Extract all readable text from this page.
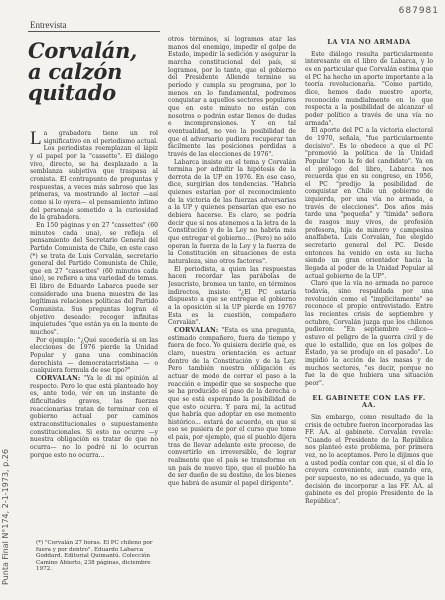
687981
Punta Final N°174, 2-1-1973, p.26
Entrevista
Corvalán,
a calzón
quitado

La grabadora tiene un rol significativo en el periodismo actual. Los periodistas reemplazan el lápiz y el papel por la "cassette". El diálogo vivo, directo, se ha desplazado a la semblanza subjetiva que traspasa al cronista. El contrapunto de preguntas y respuestas, a veces más sabroso que las primeras, va mostrando al lector —así como si lo oyera— el pensamiento íntimo del personaje sometido a la curiosidad de la grabadora.

En 150 páginas y en 27 "cassettes" (60 minutos cada una), se refleja el pensamiento del Secretario General del Partido Comunista de Chile, en este caso (*) se trata de Luis Corvalán, secretario general del Partido Comunista de Chile, que en 27 "cassettes" (60 minutos cada uno), se refiere a una variedad de temas. El libro de Eduardo Labarca puede ser considerado una buena muestra de las legítimas relaciones políticas del Partido Comunista. Sus preguntas logran el objetivo deseado: recoger infinitas inquietudes "que están ya en la mente de muchos".

Por ejemplo: "¿Qué sucedería si en las elecciones de 1976 pierde la Unidad Popular y gana una combinación derechista — democratacristiana — o cualquiera formula de ese tipo?"

CORVALAN: "Ya le di mi opinión al respecto. Pero lo que está planteado hoy es, ante todo, ver en un instante de dificultades graves, las fuerzas reaccionarias tratan de terminar con el gobierno actual por caminos extraconstitucionales o supuestamente constitucionales. Si esto no ocurre —y nuestra obligación es tratar de que no ocurra— no lo podré ni lo ocurran porque esto no ocurra...

(*) "Corvalán 27 horas. El PC chileno por fuera y por dentro". Eduardo Labarca Goddard. Editorial Quimantú. Colección Camino Abierto, 238 páginas, diciembre 1972.

otros términos, si logramos atar las manos del enemigo, impedir el golpe de Estado, impedir la sedición y asegurar la marcha constitucional del país, si logramos, por lo tanto, que el gobierno del Presidente Allende termine su período y cumpla su programa, por lo menos en lo fundamental, podremos conquistar a aquellos sectores populares que en este minuto no están con nosotros o podrán estar llenos de dudas e incomprensiones. Y en tal eventualidad, no veo la posibilidad de que el adversario pudiera recuperar tan fácilmente las posiciones perdidas a través de las elecciones de 1976".

Labarca insiste en el tema y Corvalán termina por admitir la hipótesis de la derrota de la UP en 1976. En ese caso, dice, surgirían dos tendencias. "Habría quienes estarían por el reconocimiento de la victoria de las fuerzas adversarias a la UP y quienes pensarían que eso no debiera hacerse. Es claro, se podría decir que si nos atenemos a la letra de la Constitución y de la Ley no habría más que entregar el gobierno... (Pero) no sólo operan la fuerza de la Ley y la fuerza de la Constitución en situaciones de esta naturaleza, sino otros factores".

El periodista, a quien las respuestas hacen recordar las parábolas de Jesucristo, bromea un tanto, en términos indirectos, insiste: "¿El PC estaría dispuesto a que se entregue el gobierno a la oposición si la UP pierde en 1976? Esta es la cuestión, compañero Corvalán".

CORVALAN: "Esta es una pregunta, estimado compañero, fuera de tiempo y fuera de foco. Yo quisiera decirle que, es claro, nuestra orientación es actuar dentro de la Constitución y de la Ley. Pero también nuestra obligación es actuar de modo de cerrar el paso a la reacción e impedir que se sospeche que se ha producido el paso de la derecha o que se está esperando la posibilidad de que esto ocurra. Y para mí, la actitud que habría que adoptar en ese momento histórico... estará de acuerdo, en que si eso se pusiera de por el curso que tome el país, por ejemplo, que el pueblo dijera tras de llevar adelante este proceso, de convertirlo en irreversible, de lograr realmente que el país se transforme en un país de nuevo tipo, que el pueblo ha de ser dueño de su destino, de los bienes que habrá de asumir el papel dirigente".

LA VIA NO ARMADA

Este diálogo resulta particularmente interesante en el libro de Labarca, y lo es en particular que Corvalán estima que el PC ha hecho un aporte importante a la teoría revolucionaria. "Como partido, dice, hemos dado nuestro aporte, reconocido mundialmente en lo que respecta a la posibilidad de alcanzar el poder político a través de una vía no armada".

El aporte del PC a la victoria electoral de 1970, señala, "fue particularmente decisivo". Es lo obedece a que el PC "promovió la política de la Unidad Popular "con la fe del candidato". Ya en el prólogo del libro, Labarca nos recuerda que en su congreso, en 1956, el PC "predijo la posibilidad de conquistar en Chile un gobierno de izquierda, por una vía no armada, a través de elecciones". Dos años más tarde una "pequeña" y "tímida" señora de rasgos muy vivos, de profesión profesora, hija de minero y campesina analfabeta. Luis Corvalán, fue elegido secretario general del PC. Desde entonces ha venido en esta su lucha siendo un gran orientador hacia la llegada al poder de la Unidad Popular al actual gobierno de la UP".

Claro que la vía no armada no parece todavía, sino respaldada por una revolución como el "implicitamente" se reconoce el propio entrevistado. Entre las recientes crisis de septiembre y octubre, Corvalán juzga que los chilenos pudieron: "En septiembre —dice— estuvo el peligro de la guerra civil y de que lo estallido, que en los golpes de Estado, ya se produjo en el pasado". Lo impidió la acción de las masas y de muchos sectores, "es decir, porque no fue la de que hubiera una situación peor".

EL GABINETE CON LAS FF. AA.

Sin embargo, como resultado de la crisis de octubre fueron incorporadas las FF. AA. al gabinete. Corvalán revela: "Cuando el Presidente de la República nos planteó este problema, por primera vez, no lo aceptamos. Pero le dijimos que a usted podía contar con que, si el día lo creyera conveniente, aun cuando era, por supuesto, no es adecuado, ya que la decisión de incorporar a las FF. AA. al gabinete es del propio Presidente de la República".
